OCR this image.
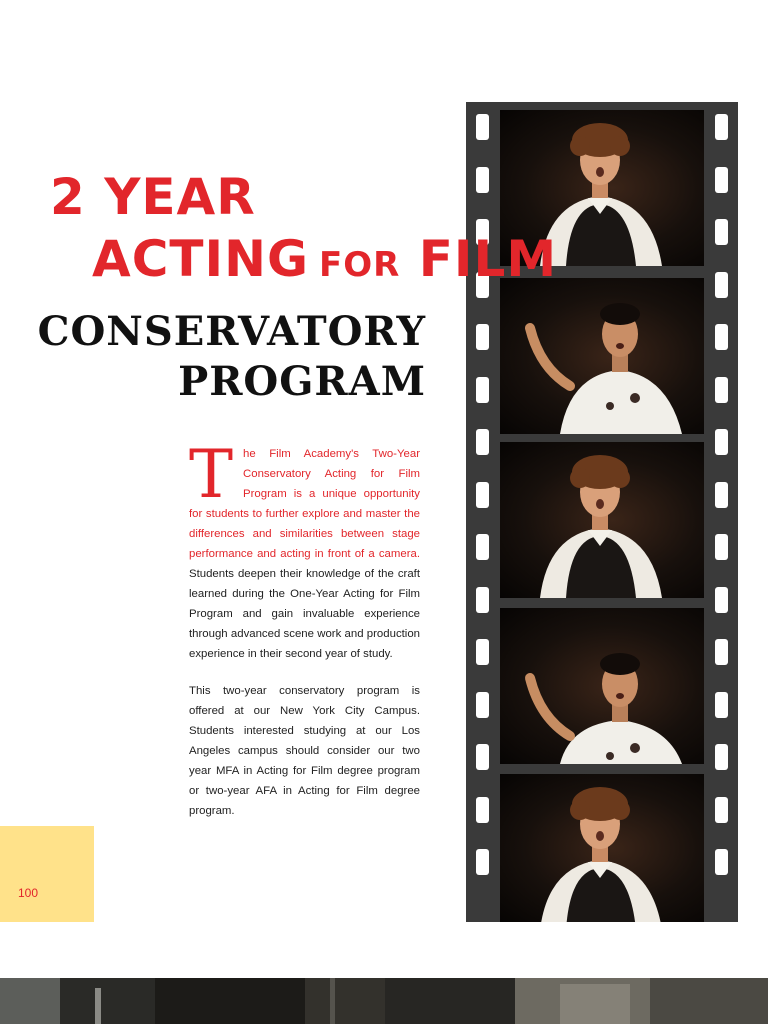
2 YEAR
ACTING FOR FILM
CONSERVATORY
PROGRAM

The Film Academy's Two-Year Conservatory Acting for Film Program is a unique opportunity for students to further explore and master the differences and similarities between stage performance and acting in front of a camera. Students deepen their knowledge of the craft learned during the One-Year Acting for Film Program and gain invaluable experience through advanced scene work and production experience in their second year of study.

This two-year conservatory program is offered at our New York City Campus. Students interested studying at our Los Angeles campus should consider our two year MFA in Acting for Film degree program or two-year AFA in Acting for Film degree program.

100
